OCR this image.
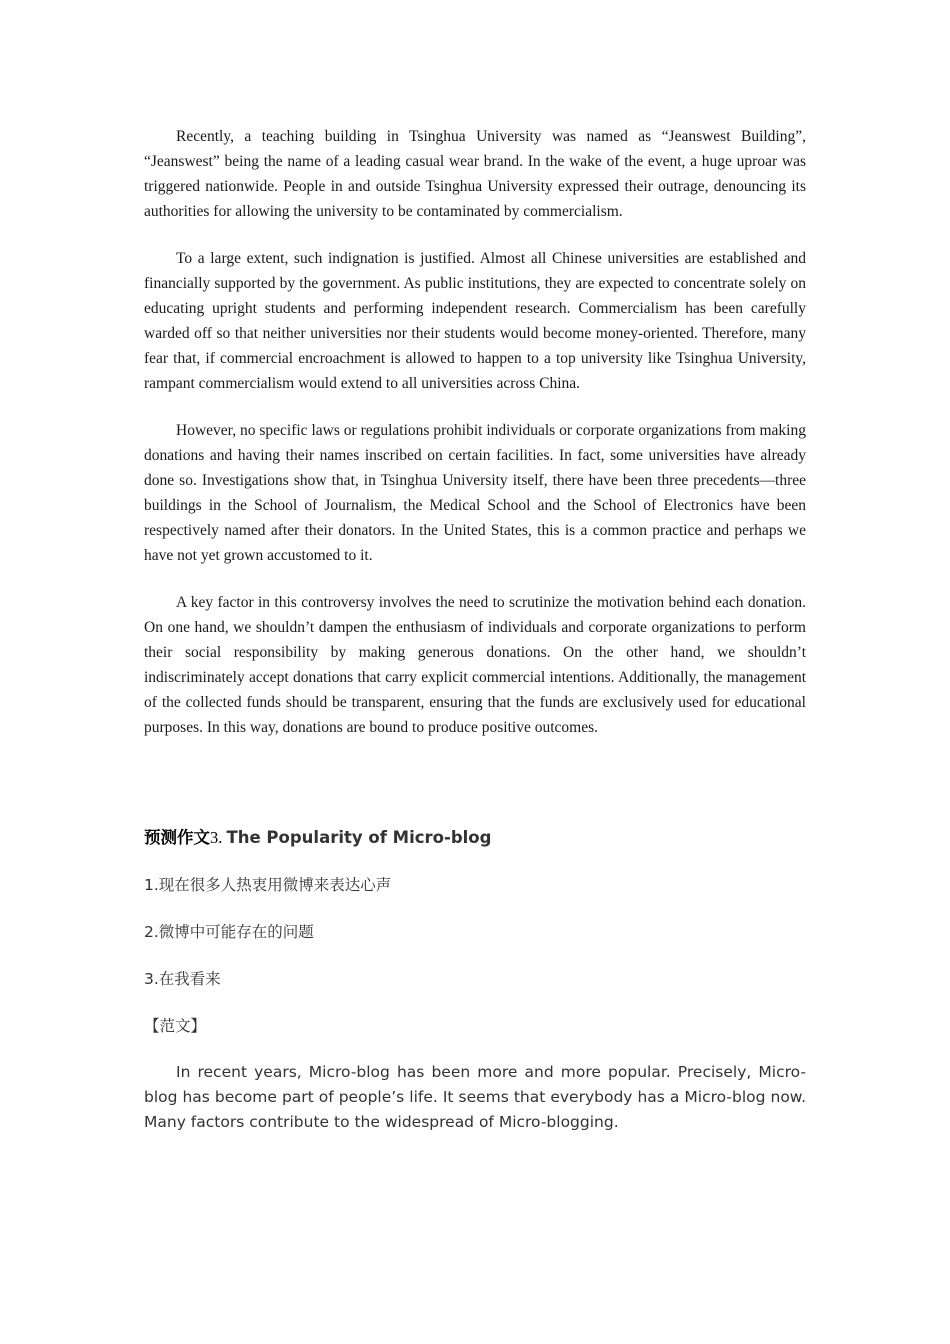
Recently, a teaching building in Tsinghua University was named as “Jeanswest Building”, “Jeanswest” being the name of a leading casual wear brand. In the wake of the event, a huge uproar was triggered nationwide. People in and outside Tsinghua University expressed their outrage, denouncing its authorities for allowing the university to be contaminated by commercialism.

To a large extent, such indignation is justified. Almost all Chinese universities are established and financially supported by the government. As public institutions, they are expected to concentrate solely on educating upright students and performing independent research. Commercialism has been carefully warded off so that neither universities nor their students would become money-oriented. Therefore, many fear that, if commercial encroachment is allowed to happen to a top university like Tsinghua University, rampant commercialism would extend to all universities across China.

However, no specific laws or regulations prohibit individuals or corporate organizations from making donations and having their names inscribed on certain facilities. In fact, some universities have already done so. Investigations show that, in Tsinghua University itself, there have been three precedents—three buildings in the School of Journalism, the Medical School and the School of Electronics have been respectively named after their donators. In the United States, this is a common practice and perhaps we have not yet grown accustomed to it.

A key factor in this controversy involves the need to scrutinize the motivation behind each donation. On one hand, we shouldn’t dampen the enthusiasm of individuals and corporate organizations to perform their social responsibility by making generous donations. On the other hand, we shouldn’t indiscriminately accept donations that carry explicit commercial intentions. Additionally, the management of the collected funds should be transparent, ensuring that the funds are exclusively used for educational purposes. In this way, donations are bound to produce positive outcomes.

预测作文3. The Popularity of Micro-blog
1.现在很多人热衷用微博来表达心声
2.微博中可能存在的问题
3.在我看来
【范文】

In recent years, Micro-blog has been more and more popular. Precisely, Micro-blog has become part of people’s life. It seems that everybody has a Micro-blog now. Many factors contribute to the widespread of Micro-blogging.
